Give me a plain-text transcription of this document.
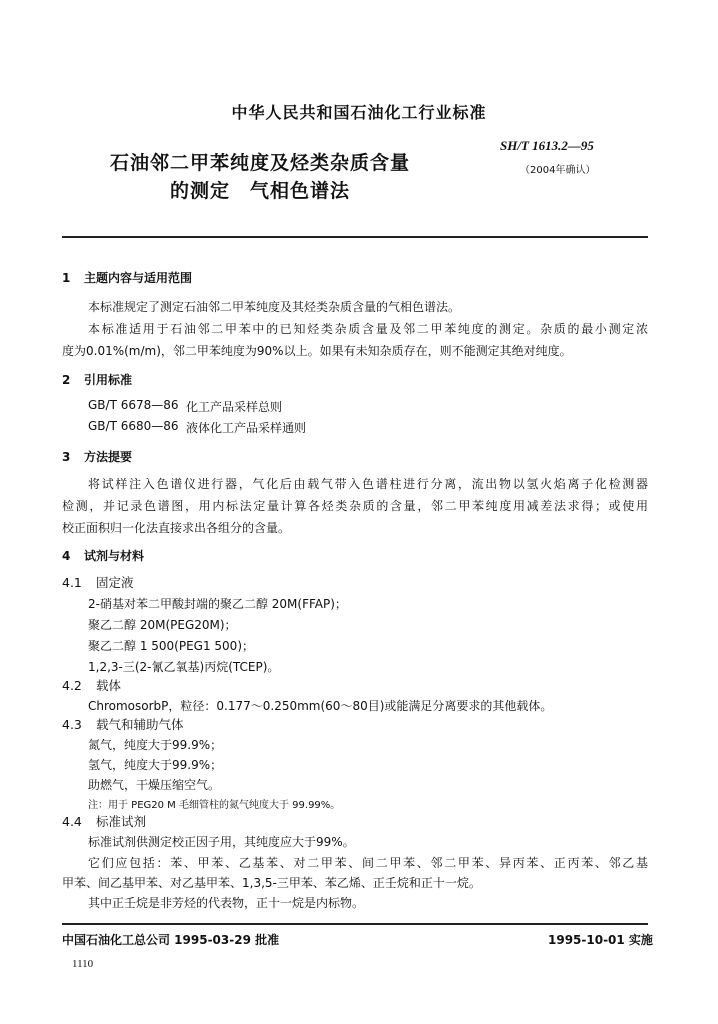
中华人民共和国石油化工行业标准
石油邻二甲苯纯度及烃类杂质含量
的测定　气相色谱法
SH/T 1613.2—95
（2004年确认）
1 主题内容与适用范围
本标准规定了测定石油邻二甲苯纯度及其烃类杂质含量的气相色谱法。
本标准适用于石油邻二甲苯中的已知烃类杂质含量及邻二甲苯纯度的测定。杂质的最小测定浓
度为0.01%(m/m)，邻二甲苯纯度为90%以上。如果有未知杂质存在，则不能测定其绝对纯度。
2 引用标准
GB/T 6678—86 化工产品采样总则
GB/T 6680—86 液体化工产品采样通则
3 方法提要
将试样注入色谱仪进行器，气化后由载气带入色谱柱进行分离，流出物以氢火焰离子化检测器
检测，并记录色谱图，用内标法定量计算各烃类杂质的含量，邻二甲苯纯度用减差法求得；或使用
校正面积归一化法直接求出各组分的含量。
4 试剂与材料
4.1 固定液
2-硝基对苯二甲酸封端的聚乙二醇 20M(FFAP)；
聚乙二醇 20M(PEG20M)；
聚乙二醇 1 500(PEG1 500)；
1,2,3-三(2-氰乙氧基)丙烷(TCEP)。
4.2 载体
ChromosorbP，粒径：0.177～0.250mm(60～80目)或能满足分离要求的其他载体。
4.3 载气和辅助气体
氮气，纯度大于99.9%；
氢气，纯度大于99.9%；
助燃气，干燥压缩空气。
注：用于 PEG20 M 毛细管柱的氮气纯度大于 99.99%。
4.4 标准试剂
标准试剂供测定校正因子用，其纯度应大于99%。
它们应包括：苯、甲苯、乙基苯、对二甲苯、间二甲苯、邻二甲苯、异丙苯、正丙苯、邻乙基
甲苯、间乙基甲苯、对乙基甲苯、1,3,5-三甲苯、苯乙烯、正壬烷和正十一烷。
其中正壬烷是非芳烃的代表物，正十一烷是内标物。
中国石油化工总公司 1995-03-29 批准	1995-10-01 实施
1110
